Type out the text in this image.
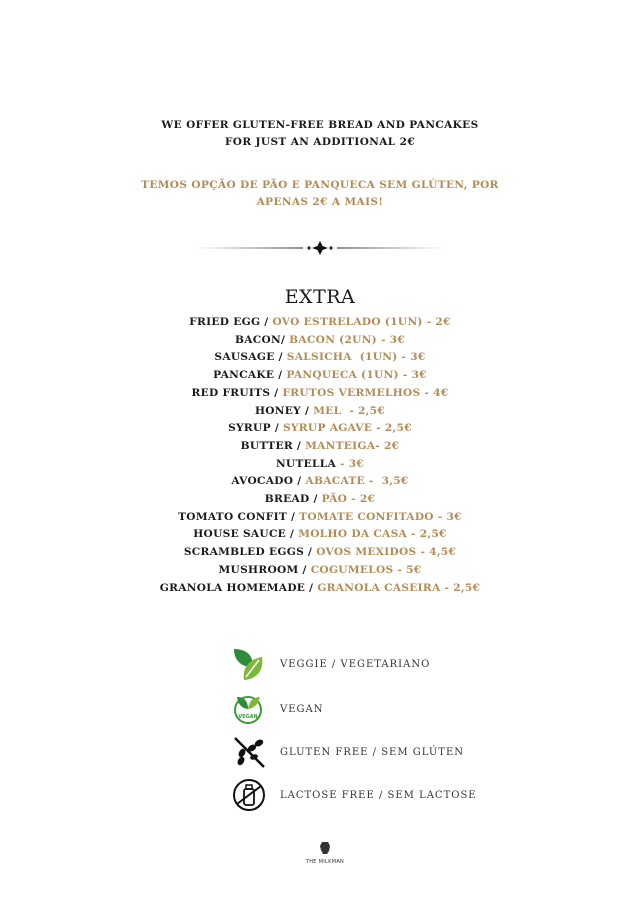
WE OFFER GLUTEN-FREE BREAD AND PANCAKES
FOR JUST AN ADDITIONAL 2€
TEMOS OPÇÃO DE PÃO E PANQUECA SEM GLÚTEN, POR
APENAS 2€ A MAIS!
EXTRA
FRIED EGG / OVO ESTRELADO (1UN) - 2€
BACON/ BACON (2UN) - 3€
SAUSAGE / SALSICHA  (1UN) - 3€
PANCAKE / PANQUECA (1UN) - 3€
RED FRUITS / FRUTOS VERMELHOS - 4€
HONEY / MEL  - 2,5€
SYRUP / SYRUP AGAVE - 2,5€
BUTTER / MANTEIGA- 2€
NUTELLA - 3€
AVOCADO / ABACATE -  3,5€
BREAD / PÃO - 2€
TOMATO CONFIT / TOMATE CONFITADO - 3€
HOUSE SAUCE / MOLHO DA CASA - 2,5€
SCRAMBLED EGGS / OVOS MEXIDOS - 4,5€
MUSHROOM / COGUMELOS - 5€
GRANOLA HOMEMADE / GRANOLA CASEIRA - 2,5€
VEGGIE / VEGETARIANO
VEGAN
VEGAN
GLUTEN FREE / SEM GLÚTEN
LACTOSE FREE / SEM LACTOSE
THE MILKMAN
